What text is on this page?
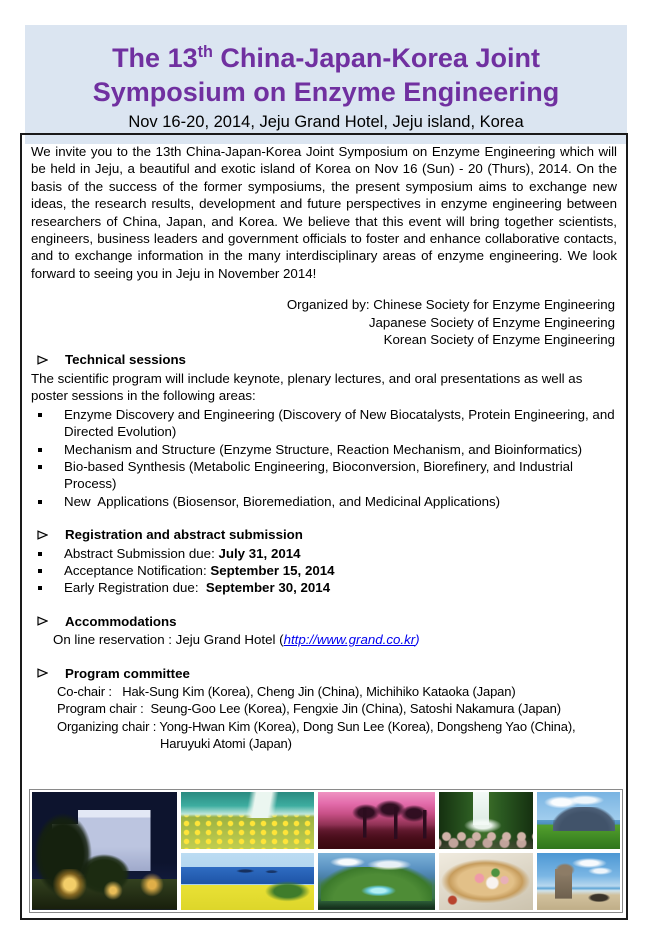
The 13th China-Japan-Korea Joint
Symposium on Enzyme Engineering
Nov 16-20, 2014, Jeju Grand Hotel, Jeju island, Korea

We invite you to the 13th China-Japan-Korea Joint Symposium on Enzyme Engineering which will be held in Jeju, a beautiful and exotic island of Korea on Nov 16 (Sun) - 20 (Thurs), 2014. On the basis of the success of the former symposiums, the present symposium aims to exchange new ideas, the research results, development and future perspectives in enzyme engineering between researchers of China, Japan, and Korea. We believe that this event will bring together scientists, engineers, business leaders and government officials to foster and enhance collaborative contacts, and to exchange information in the many interdisciplinary areas of enzyme engineering. We look forward to seeing you in Jeju in November 2014!

Organized by: Chinese Society for Enzyme Engineering
Japanese Society of Enzyme Engineering
Korean Society of Enzyme Engineering
Technical sessions

The scientific program will include keynote, plenary lectures, and oral presentations as well as poster sessions in the following areas:

Enzyme Discovery and Engineering (Discovery of New Biocatalysts, Protein Engineering, and Directed Evolution)
Mechanism and Structure (Enzyme Structure, Reaction Mechanism, and Bioinformatics)
Bio-based Synthesis (Metabolic Engineering, Bioconversion, Biorefinery, and Industrial Process)
New  Applications (Biosensor, Bioremediation, and Medicinal Applications)
Registration and abstract submission
Abstract Submission due: July 31, 2014
Acceptance Notification: September 15, 2014
Early Registration due:  September 30, 2014
Accommodations

On line reservation : Jeju Grand Hotel (http://www.grand.co.kr)

Program committee
Co-chair :   Hak-Sung Kim (Korea), Cheng Jin (China), Michihiko Kataoka (Japan)
Program chair :  Seung-Goo Lee (Korea), Fengxie Jin (China), Satoshi Nakamura (Japan)
Organizing chair : Yong-Hwan Kim (Korea), Dong Sun Lee (Korea), Dongsheng Yao (China),
Haruyuki Atomi (Japan)
